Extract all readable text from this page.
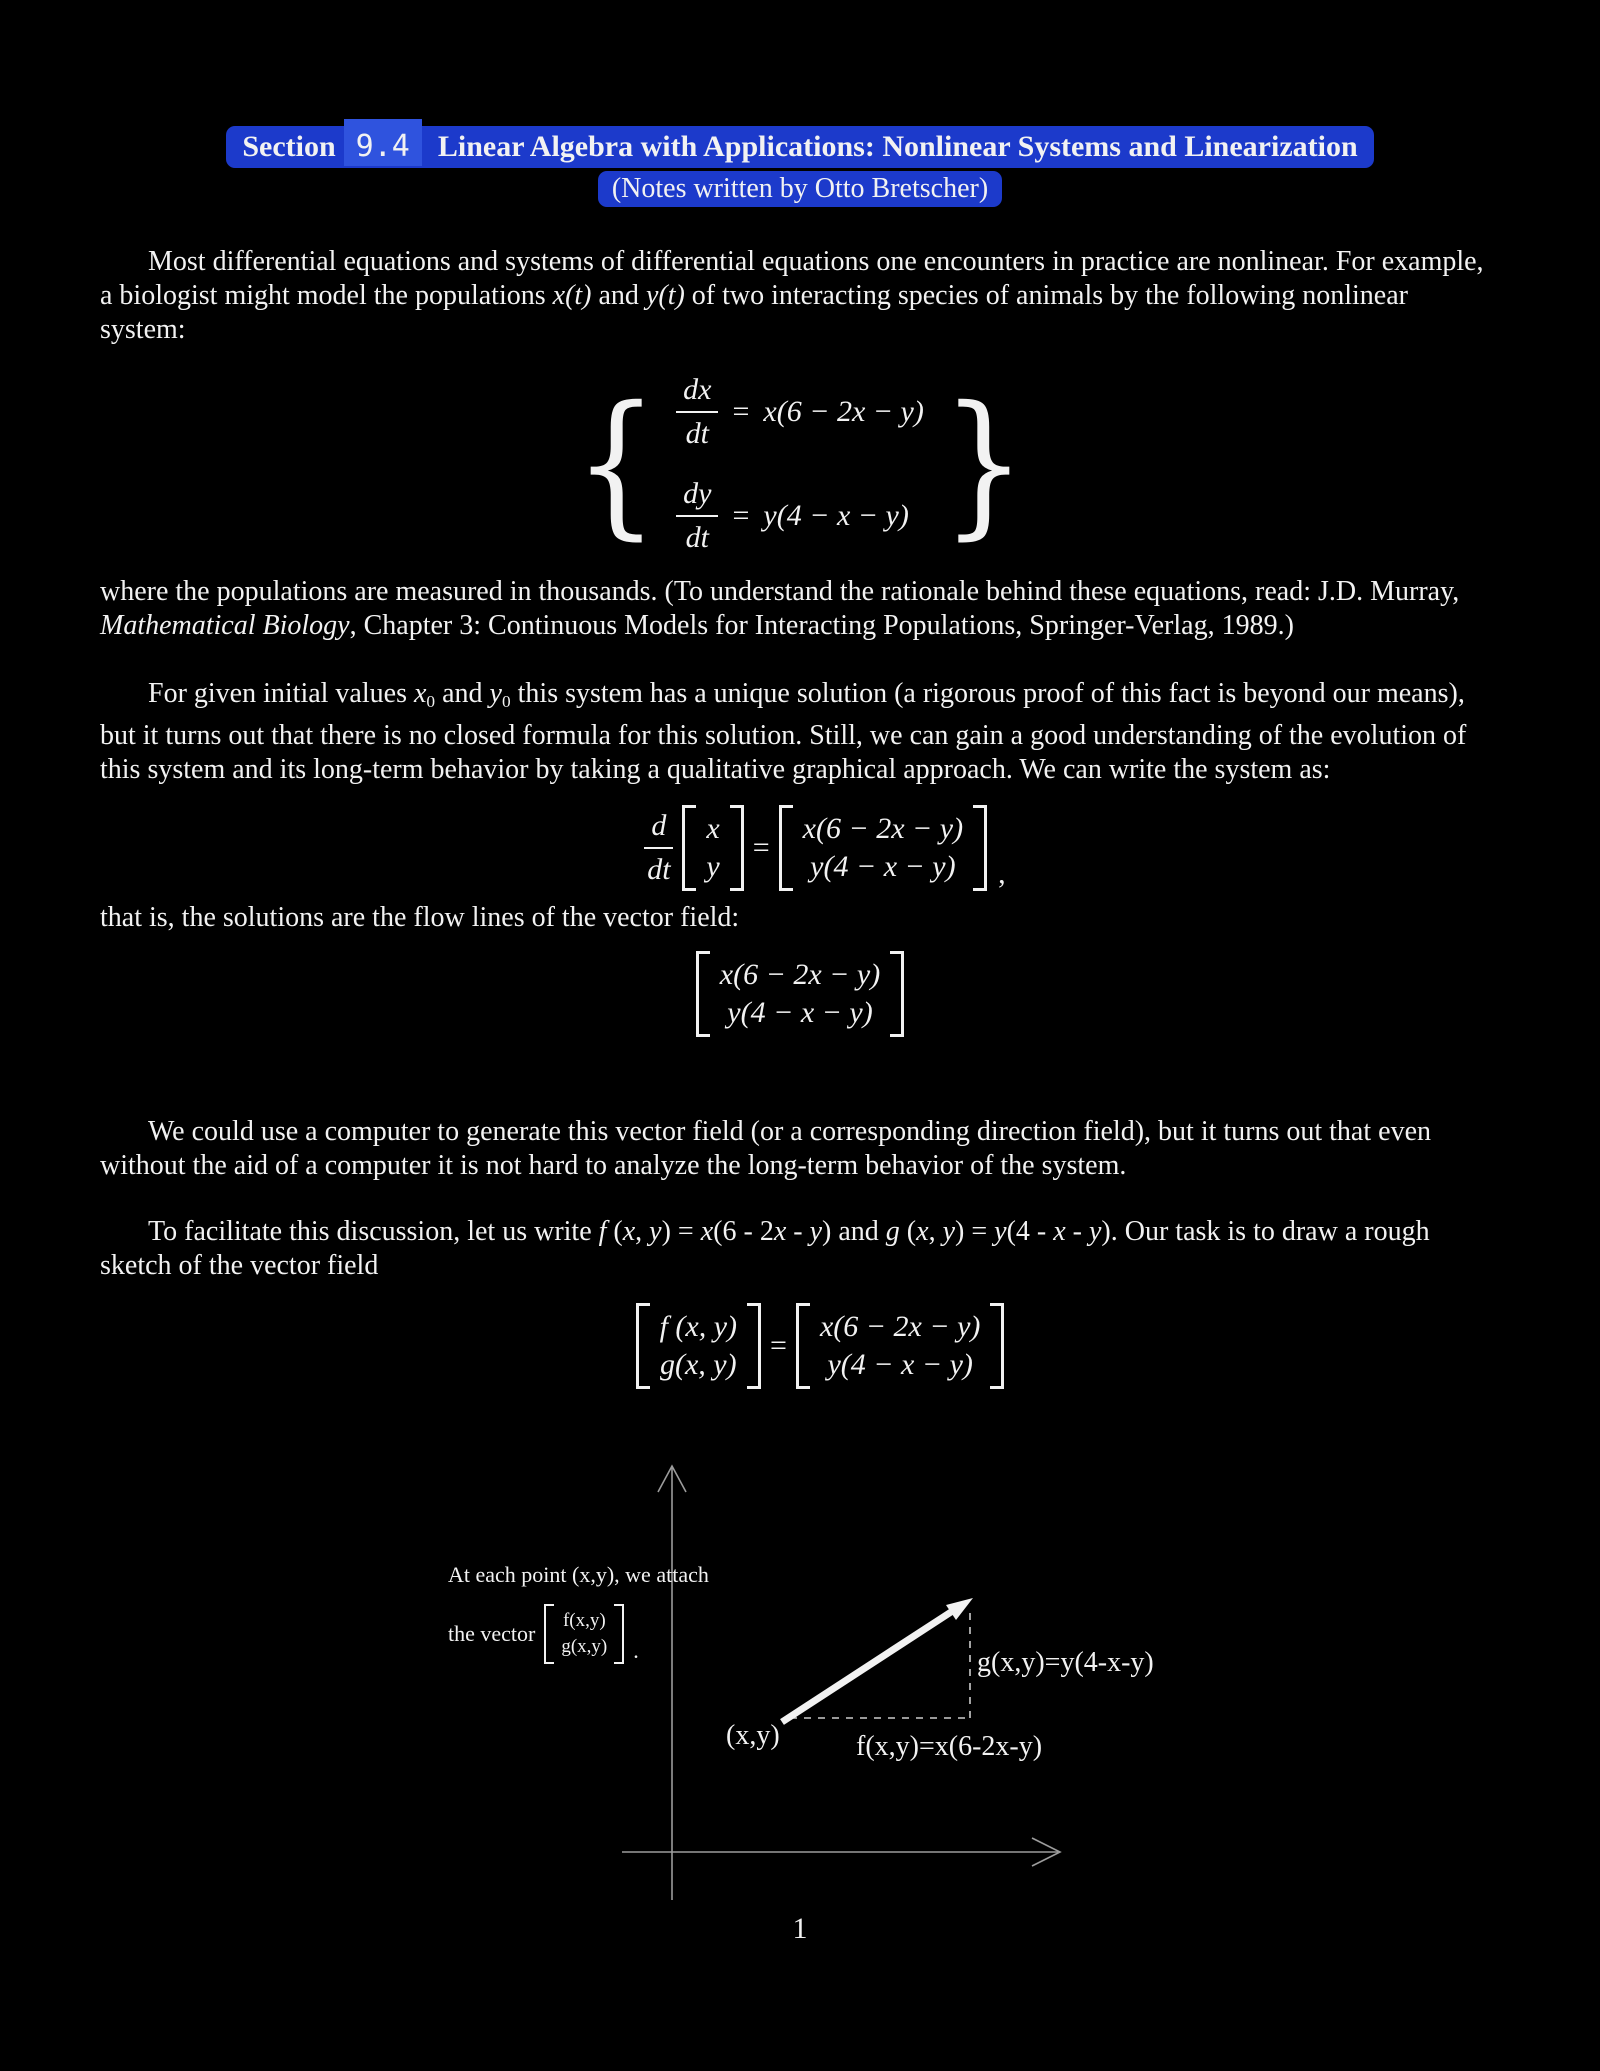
Section 9.4 Linear Algebra with Applications: Nonlinear Systems and Linearization
(Notes written by Otto Bretscher)

Most differential equations and systems of differential equations one encounters in practice are nonlinear. For example, a biologist might model the populations x(t) and y(t) of two interacting species of animals by the following nonlinear system:

{ $\frac{dx}{dt} = x(6 - 2x - y)$
$\frac{dy}{dt} = y(4 - x - y)$ }

where the populations are measured in thousands. (To understand the rationale behind these equations, read: J.D. Murray, Mathematical Biology, Chapter 3: Continuous Models for Interacting Populations, Springer-Verlag, 1989.)

For given initial values $x_0$ and $y_0$ this system has a unique solution (a rigorous proof of this fact is beyond our means), but it turns out that there is no closed formula for this solution. Still, we can gain a good understanding of the evolution of this system and its long-term behavior by taking a qualitative graphical approach. We can write the system as:

$\frac{d}{dt}$ x
y
=
x(6 − 2x − y)
y(4 − x − y) ,

that is, the solutions are the flow lines of the vector field:

x(6 − 2x − y)
y(4 − x − y)

We could use a computer to generate this vector field (or a corresponding direction field), but it turns out that even without the aid of a computer it is not hard to analyze the long-term behavior of the system.

To facilitate this discussion, let us write f (x, y) = x(6 - 2x - y) and g (x, y) = y(4 - x - y). Our task is to draw a rough sketch of the vector field

f (x, y)
g(x, y)
=
x(6 − 2x − y)
y(4 − x − y)
At each point (x,y), we attach
the vector
f(x,y)
g(x,y) .
(x,y)	f(x,y)=x(6-2x-y)
g(x,y)=y(4-x-y)
1
